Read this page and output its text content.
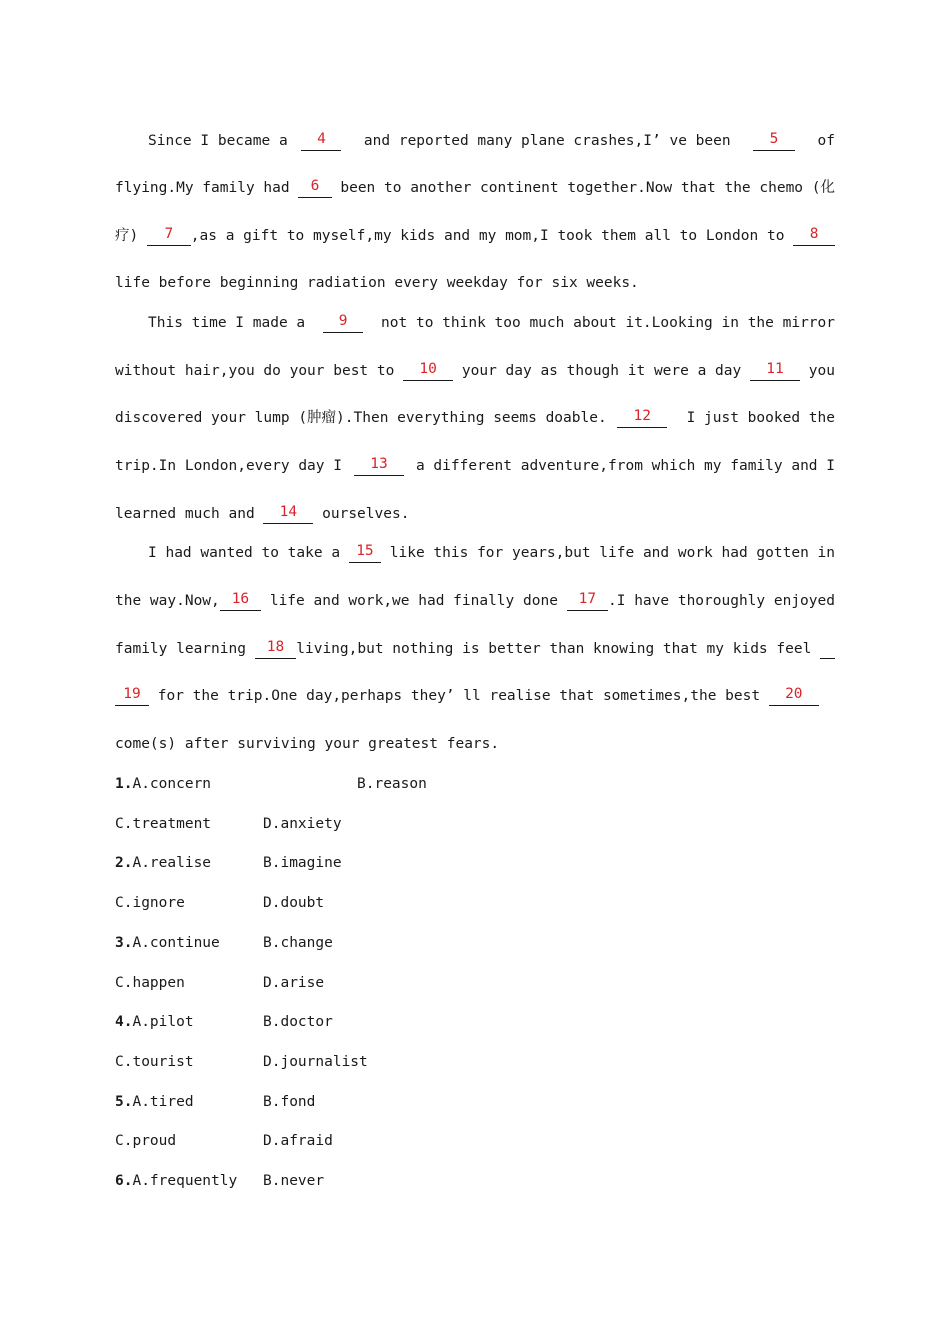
Since I became a	4	and reported many plane crashes,I’ ve been	5	of
flying.My family had 6 been to another continent together.Now that the chemo (化
疗)	7	,as a gift to myself,my kids and my mom,I took them all to London to	8
life before beginning radiation every weekday for six weeks.
This time I made a	9	not to think too much about it.Looking in the mirror
without hair,you do your best to	10	your day as though it were a day	11	you
discovered your lump (肿瘤).Then everything seems doable.	12	I just booked the
trip.In London,every day I	13	a different adventure,from which my family and I
learned much and	14	ourselves.
I had wanted to take a 15 like this for years,but life and work had gotten in
the way.Now, 16 life and work,we had finally done 17 .I have thoroughly enjoyed
family learning 18 living,but nothing is better than knowing that my kids feel
19 for the trip.One day,perhaps they’ ll realise that sometimes,the best	20
come(s) after surviving your greatest fears.
1.A.concern	B.reason
C.treatment	D.anxiety
2.A.realise	B.imagine
C.ignore	D.doubt
3.A.continue	B.change
C.happen	D.arise
4.A.pilot	B.doctor
C.tourist	D.journalist
5.A.tired	B.fond
C.proud	D.afraid
6.A.frequently B.never
